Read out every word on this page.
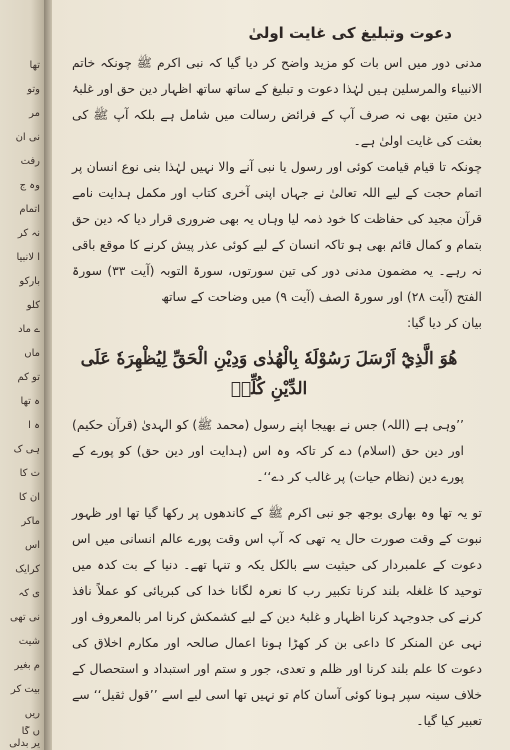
تھا
وتو
مر
نی ان
رفت
وہ ج
اتمام
نہ کر
ا لانبیا
بارکو
کلو
ے ماد
ماں
تو کم
ہ تھا
ہ آ
ہی ک
ت کا
ان کا
ماکر
اس
کرایک
ی کہ
نی تھی
شیت
م بغیر
بیت کر
ریں
ں گا
یر بدلی
دعوت وتبلیغ کی غایت اولیٰ

مدنی دور میں اس بات کو مزید واضح کر دیا گیا کہ نبی اکرم ﷺ چونکہ خاتم الانبیاء والمرسلین ہیں لہٰذا دعوت و تبلیغ کے ساتھ ساتھ اظہار دین حق اور غلبۂ دین متین بھی نہ صرف آپ کے فرائض رسالت میں شامل ہے بلکہ آپ ﷺ کی بعثت کی غایت اولیٰ ہے۔

چونکہ تا قیام قیامت کوئی اور رسول یا نبی آنے والا نہیں لہٰذا بنی نوع انسان پر اتمام حجت کے لیے اللہ تعالیٰ نے جہاں اپنی آخری کتاب اور مکمل ہدایت نامے قرآن مجید کی حفاظت کا خود ذمہ لیا وہاں یہ بھی ضروری قرار دیا کہ دین حق بتمام و کمال قائم بھی ہو تاکہ انسان کے لیے کوئی عذر پیش کرنے کا موقع باقی نہ رہے۔ یہ مضمون مدنی دور کی تین سورتوں، سورۃ التوبہ (آیت ۳۳) سورۃ الفتح (آیت ۲۸) اور سورۃ الصف (آیت ۹) میں وضاحت کے ساتھ

بیان کر دیا گیا:

هُوَ الَّذِيْٓ اَرْسَلَ رَسُوْلَهٗ بِالْهُدٰى وَدِيْنِ الْحَقِّ لِيُظْهِرَهٗ عَلَى الدِّيْنِ كُلِّهٖ

’’وہی ہے (اللہ) جس نے بھیجا اپنے رسول (محمد ﷺ) کو الہدیٰ (قرآن حکیم) اور دین حق (اسلام) دے کر تاکہ وہ اس (ہدایت اور دین حق) کو پورے کے پورے دین (نظام حیات) پر غالب کر دے‘‘۔

تو یہ تھا وہ بھاری بوجھ جو نبی اکرم ﷺ کے کاندھوں پر رکھا گیا تھا اور ظہور نبوت کے وقت صورت حال یہ تھی کہ آپ اس وقت پورے عالم انسانی میں اس دعوت کے علمبردار کی حیثیت سے بالکل یکہ و تنہا تھے۔ دنیا کے بت کدہ میں توحید کا غلغلہ بلند کرنا تکبیر رب کا نعرہ لگانا خدا کی کبریائی کو عملاً نافذ کرنے کی جدوجہد کرنا اظہار و غلبۂ دین کے لیے کشمکش کرنا امر بالمعروف اور نہی عن المنکر کا داعی بن کر کھڑا ہونا اعمال صالحہ اور مکارم اخلاق کی دعوت کا علم بلند کرنا اور ظلم و تعدی، جور و ستم اور استبداد و استحصال کے خلاف سینہ سپر ہونا کوئی آسان کام تو نہیں تھا اسی لیے اسے ’’قول ثقیل‘‘ سے تعبیر کیا گیا۔
